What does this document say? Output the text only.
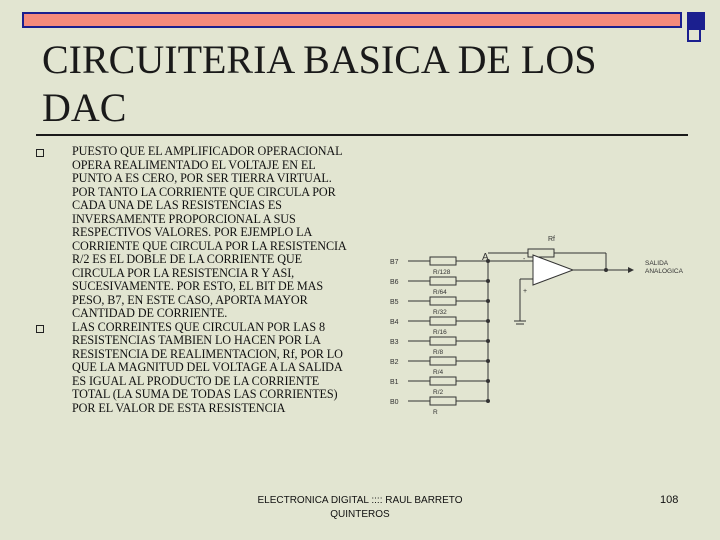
CIRCUITERIA BASICA DE LOS DAC
PUESTO QUE EL AMPLIFICADOR OPERACIONAL OPERA REALIMENTADO EL VOLTAJE EN EL PUNTO A ES CERO, POR SER TIERRA VIRTUAL. POR TANTO LA CORRIENTE QUE CIRCULA POR CADA UNA DE LAS RESISTENCIAS ES INVERSAMENTE PROPORCIONAL A SUS RESPECTIVOS VALORES. POR EJEMPLO LA CORRIENTE QUE CIRCULA POR LA RESISTENCIA R/2 ES EL DOBLE DE LA CORRIENTE QUE CIRCULA POR LA RESISTENCIA R Y ASI, SUCESIVAMENTE. POR ESTO, EL BIT DE MAS PESO, B7, EN ESTE CASO, APORTA MAYOR CANTIDAD DE CORRIENTE.
LAS CORREINTES QUE CIRCULAN POR LAS 8 RESISTENCIAS TAMBIEN LO HACEN POR LA RESISTENCIA DE REALIMENTACION, Rf, POR LO QUE LA MAGNITUD DEL VOLTAGE A LA SALIDA ES IGUAL AL PRODUCTO DE LA CORRIENTE TOTAL (LA SUMA DE TODAS LAS CORRIENTES) POR EL VALOR DE ESTA RESISTENCIA
B7
R/128
B6
R/64
B5
R/32
B4
R/16
B3
R/8
B2
R/4
B1
R/2
B0
R
Rf
-
+
SALIDA
ANALOGICA
A
ELECTRONICA DIGITAL :::: RAUL BARRETO QUINTEROS
108
